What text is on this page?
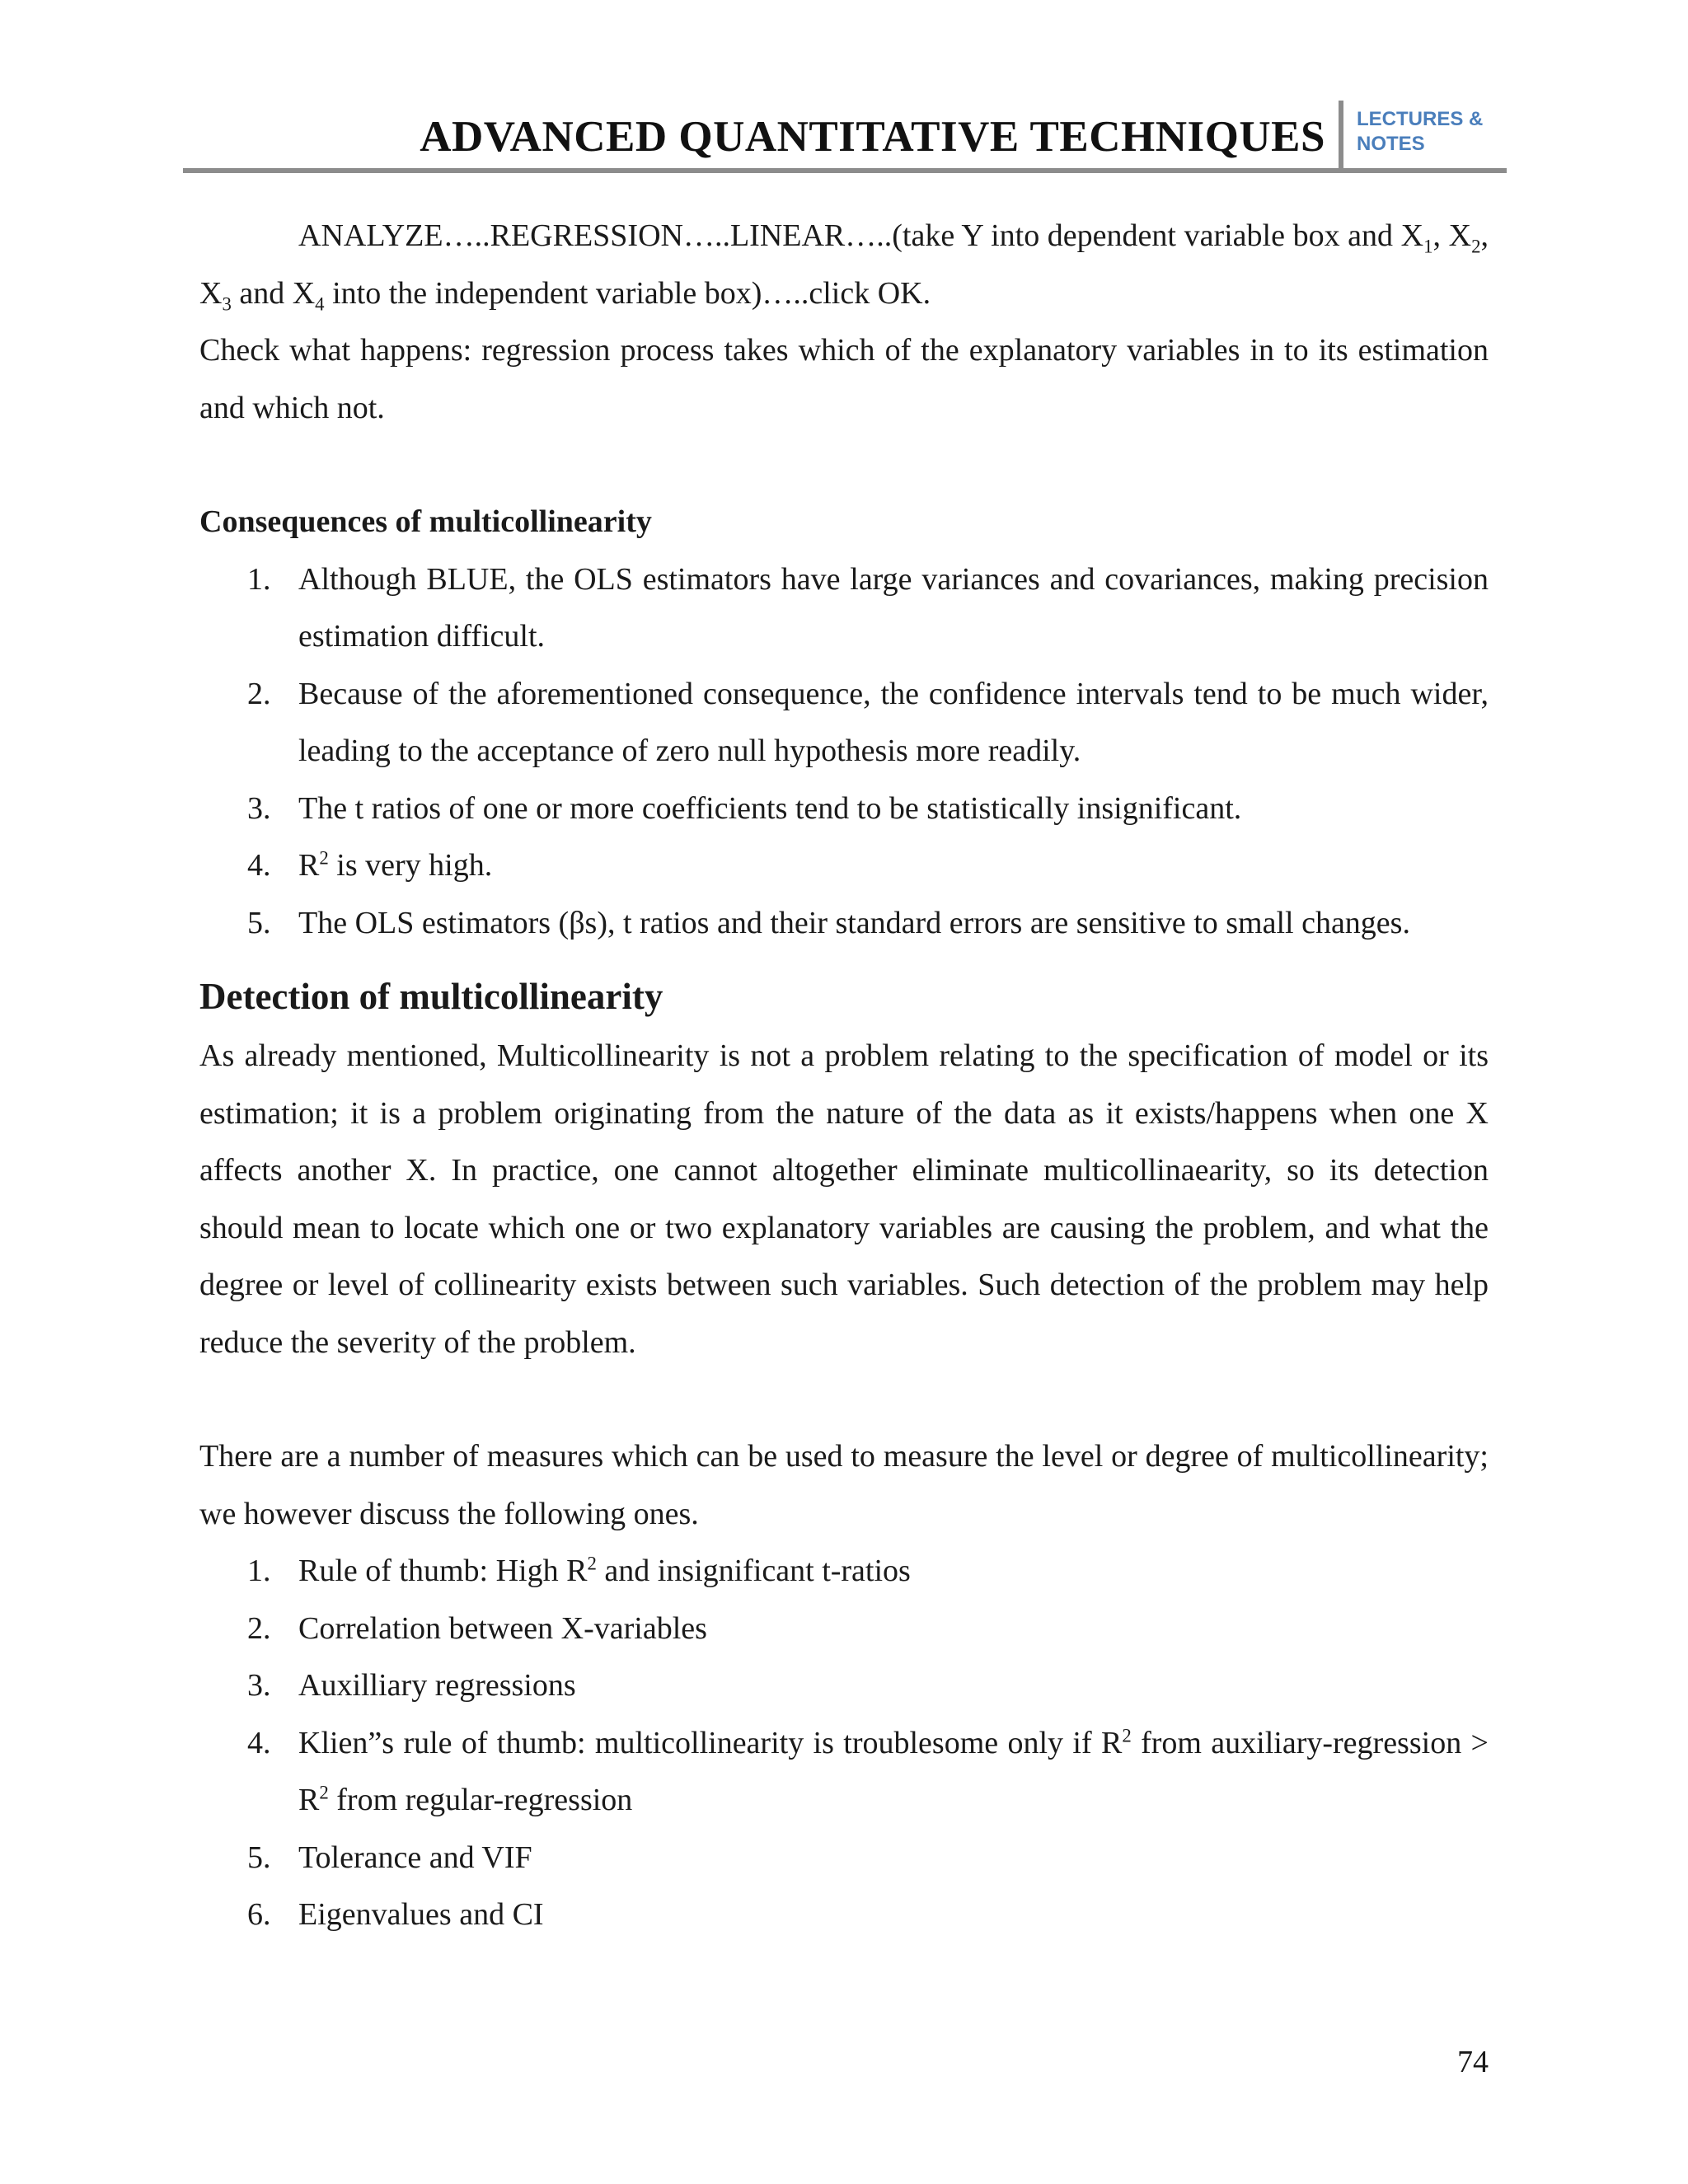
ADVANCED QUANTITATIVE TECHNIQUES LECTURES & NOTES

ANALYZE…..REGRESSION…..LINEAR…..(take Y into dependent variable box and $X_1$, $X_2$, $X_3$ and $X_4$ into the independent variable box)…..click OK.

Check what happens: regression process takes which of the explanatory variables in to its estimation and which not.

Consequences of multicollinearity

1. Although BLUE, the OLS estimators have large variances and covariances, making precision estimation difficult.
2. Because of the aforementioned consequence, the confidence intervals tend to be much wider, leading to the acceptance of zero null hypothesis more readily.
3. The t ratios of one or more coefficients tend to be statistically insignificant.
4. $R^2$ is very high.
5. The OLS estimators (βs), t ratios and their standard errors are sensitive to small changes.

Detection of multicollinearity

As already mentioned, Multicollinearity is not a problem relating to the specification of model or its estimation; it is a problem originating from the nature of the data as it exists/happens when one X affects another X. In practice, one cannot altogether eliminate multicollinaearity, so its detection should mean to locate which one or two explanatory variables are causing the problem, and what the degree or level of collinearity exists between such variables. Such detection of the problem may help reduce the severity of the problem.

There are a number of measures which can be used to measure the level or degree of multicollinearity; we however discuss the following ones.

1. Rule of thumb: High $R^2$ and insignificant t-ratios
2. Correlation between X-variables
3. Auxilliary regressions
4. Klien”s rule of thumb: multicollinearity is troublesome only if $R^2$ from auxiliary-regression > $R^2$ from regular-regression
5. Tolerance and VIF
6. Eigenvalues and CI
74
